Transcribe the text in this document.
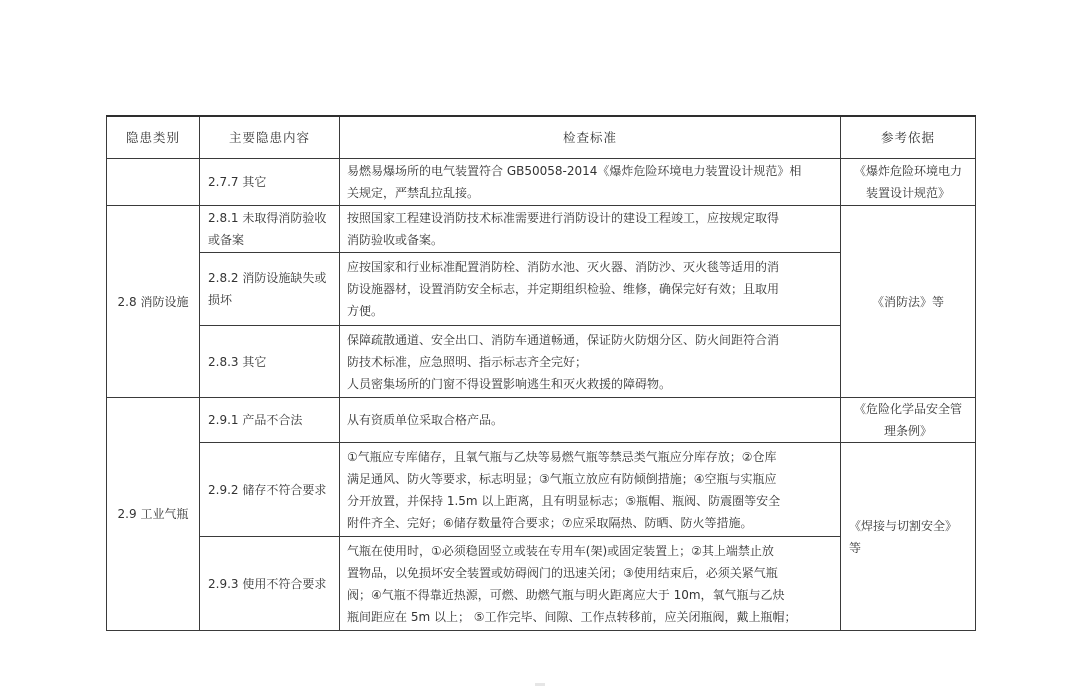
隐患类别	主要隐患内容	检查标准	参考依据
	2.7.7 其它	易燃易爆场所的电气装置符合 GB50058-2014《爆炸危险环境电力装置设计规范》相
关规定，严禁乱拉乱接。	《爆炸危险环境电力
装置设计规范》

2.8 消防设施	2.8.1 未取得消防验收
或备案	按照国家工程建设消防技术标准需要进行消防设计的建设工程竣工，应按规定取得
消防验收或备案。	《消防法》等

	2.8.2 消防设施缺失或
损坏	应按国家和行业标准配置消防栓、消防水池、灭火器、消防沙、灭火毯等适用的消
防设施器材，设置消防安全标志，并定期组织检验、维修，确保完好有效；且取用
方便。	

	2.8.3 其它	保障疏散通道、安全出口、消防车通道畅通，保证防火防烟分区、防火间距符合消
防技术标准，应急照明、指示标志齐全完好；
人员密集场所的门窗不得设置影响逃生和灭火救援的障碍物。	

2.9 工业气瓶	2.9.1 产品不合法	从有资质单位采取合格产品。	《危险化学品安全管
理条例》

	2.9.2 储存不符合要求	①气瓶应专库储存，且氧气瓶与乙炔等易燃气瓶等禁忌类气瓶应分库存放；②仓库
满足通风、防火等要求，标志明显；③气瓶立放应有防倾倒措施；④空瓶与实瓶应
分开放置，并保持 1.5m 以上距离，且有明显标志；⑤瓶帽、瓶阀、防震圈等安全
附件齐全、完好；⑥储存数量符合要求；⑦应采取隔热、防晒、防火等措施。	《焊接与切割安全》
等

	2.9.3 使用不符合要求	气瓶在使用时，①必须稳固竖立或装在专用车(架)或固定装置上；②其上端禁止放
置物品，以免损坏安全装置或妨碍阀门的迅速关闭；③使用结束后，必须关紧气瓶
阀；④气瓶不得靠近热源，可燃、助燃气瓶与明火距离应大于 10m，氧气瓶与乙炔
瓶间距应在 5m 以上； ⑤工作完毕、间隙、工作点转移前，应关闭瓶阀，戴上瓶帽；	
